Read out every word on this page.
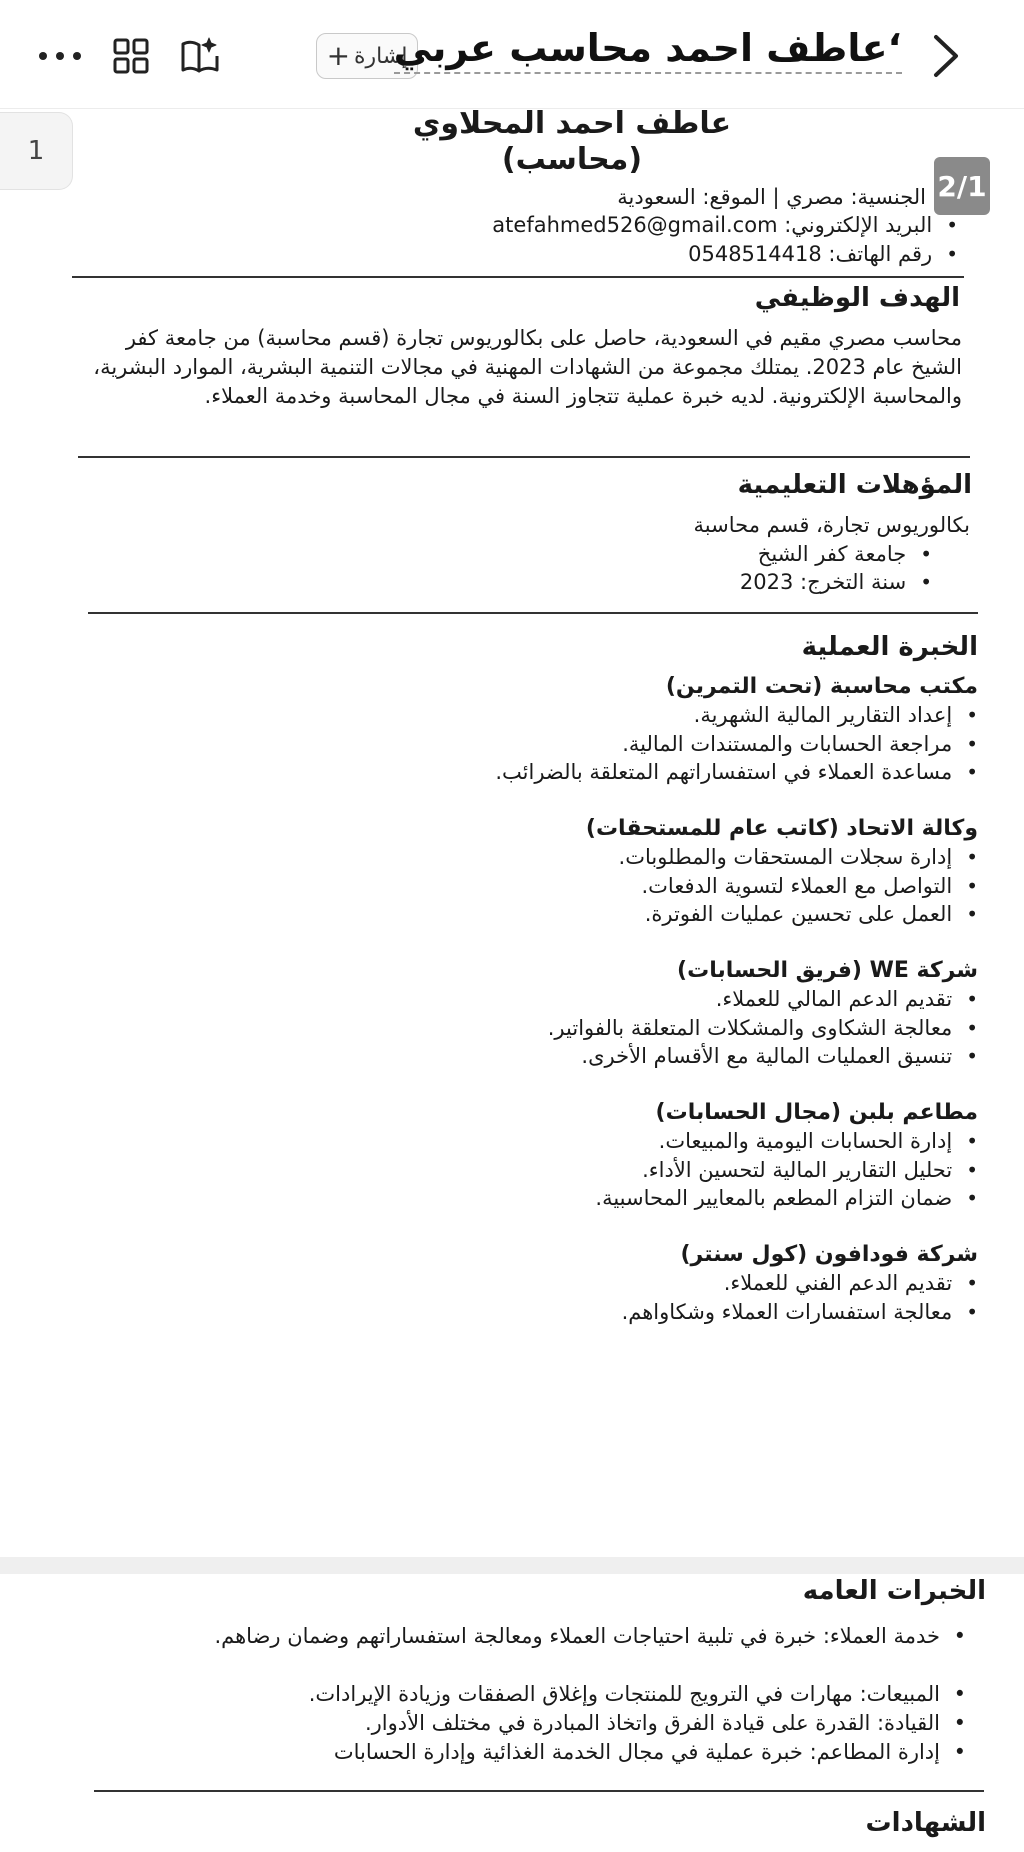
إشارة
+ ‘عاطف احمد محاسب عربي
1
عاطف احمد المحلاوي
(محاسب)
الجنسية: مصري | الموقع: السعودية
• البريد الإلكتروني: atefahmed526@gmail.com
• رقم الهاتف: 0548514418
الهدف الوظيفي
محاسب مصري مقيم في السعودية، حاصل على بكالوريوس تجارة (قسم محاسبة) من جامعة كفر الشيخ عام 2023. يمتلك مجموعة من الشهادات المهنية في مجالات التنمية البشرية، الموارد البشرية، والمحاسبة الإلكترونية. لديه خبرة عملية تتجاوز السنة في مجال المحاسبة وخدمة العملاء.
المؤهلات التعليمية
بكالوريوس تجارة، قسم محاسبة
• جامعة كفر الشيخ
• سنة التخرج: 2023
الخبرة العملية
مكتب محاسبة (تحت التمرين)
• إعداد التقارير المالية الشهرية.
• مراجعة الحسابات والمستندات المالية.
• مساعدة العملاء في استفساراتهم المتعلقة بالضرائب.
وكالة الاتحاد (كاتب عام للمستحقات)
• إدارة سجلات المستحقات والمطلوبات.
• التواصل مع العملاء لتسوية الدفعات.
• العمل على تحسين عمليات الفوترة.
شركة WE (فريق الحسابات)
• تقديم الدعم المالي للعملاء.
• معالجة الشكاوى والمشكلات المتعلقة بالفواتير.
• تنسيق العمليات المالية مع الأقسام الأخرى.
مطاعم بلبن (مجال الحسابات)
• إدارة الحسابات اليومية والمبيعات.
• تحليل التقارير المالية لتحسين الأداء.
• ضمان التزام المطعم بالمعايير المحاسبية.
شركة فودافون (كول سنتر)
• تقديم الدعم الفني للعملاء.
• معالجة استفسارات العملاء وشكاواهم.
الخبرات العامه
• خدمة العملاء: خبرة في تلبية احتياجات العملاء ومعالجة استفساراتهم وضمان رضاهم.
• المبيعات: مهارات في الترويج للمنتجات وإغلاق الصفقات وزيادة الإيرادات.
• القيادة: القدرة على قيادة الفرق واتخاذ المبادرة في مختلف الأدوار.
• إدارة المطاعم: خبرة عملية في مجال الخدمة الغذائية وإدارة الحسابات
الشهادات
2/1
